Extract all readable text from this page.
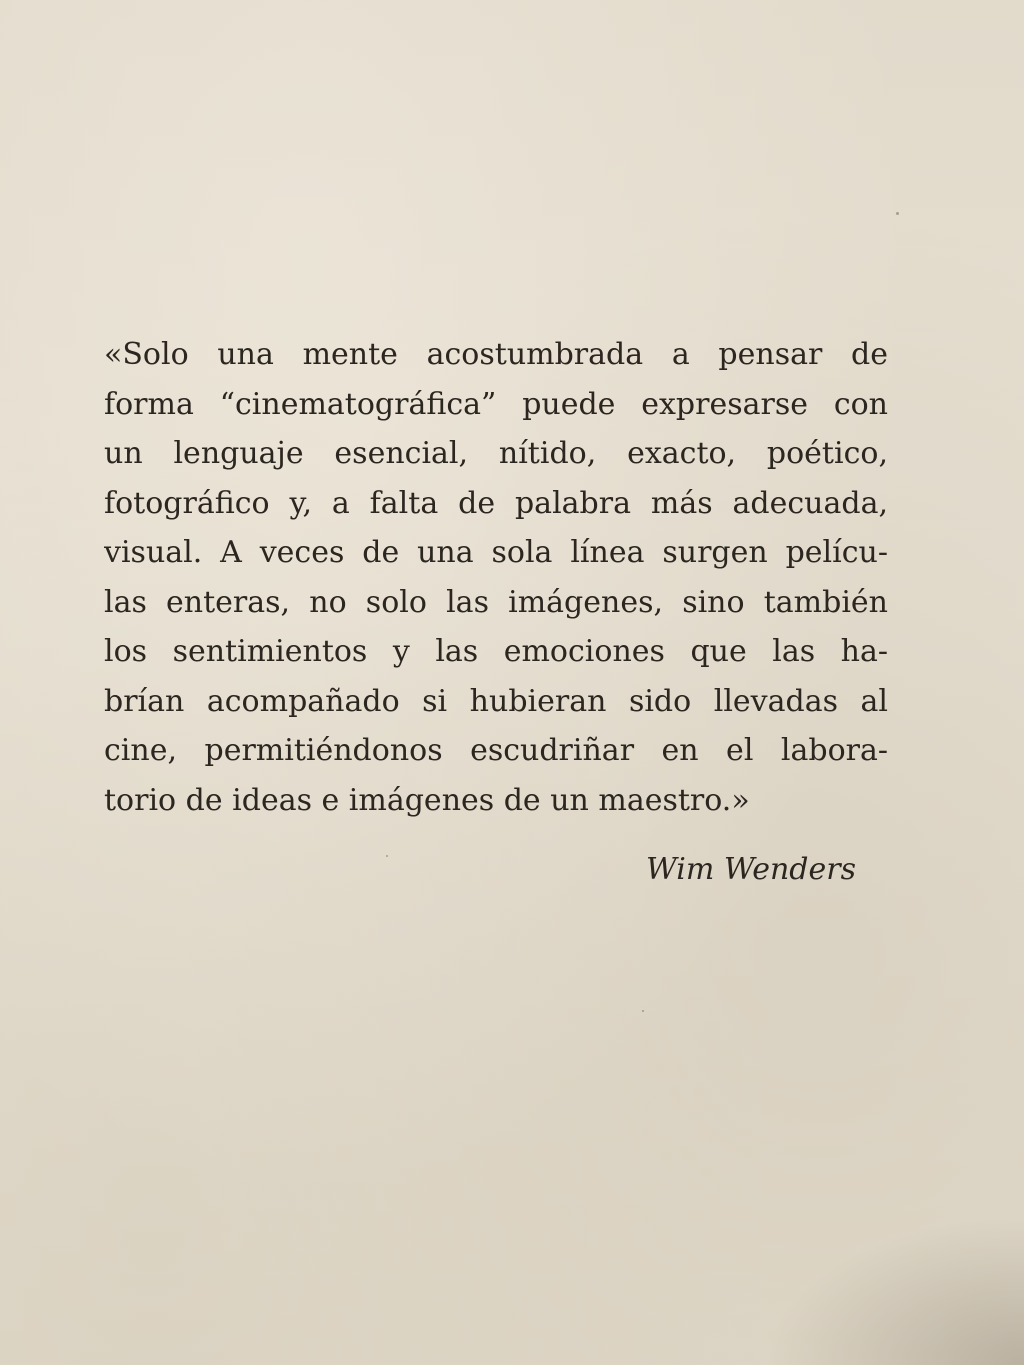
«Solo una mente acostumbrada a pensar de
forma “cinematográfica” puede expresarse con
un lenguaje esencial, nítido, exacto, poético,
fotográfico y, a falta de palabra más adecuada,
visual. A veces de una sola línea surgen pelícu-
las enteras, no solo las imágenes, sino también
los sentimientos y las emociones que las ha-
brían acompañado si hubieran sido llevadas al
cine, permitiéndonos escudriñar en el labora-
torio de ideas e imágenes de un maestro.»
Wim Wenders
